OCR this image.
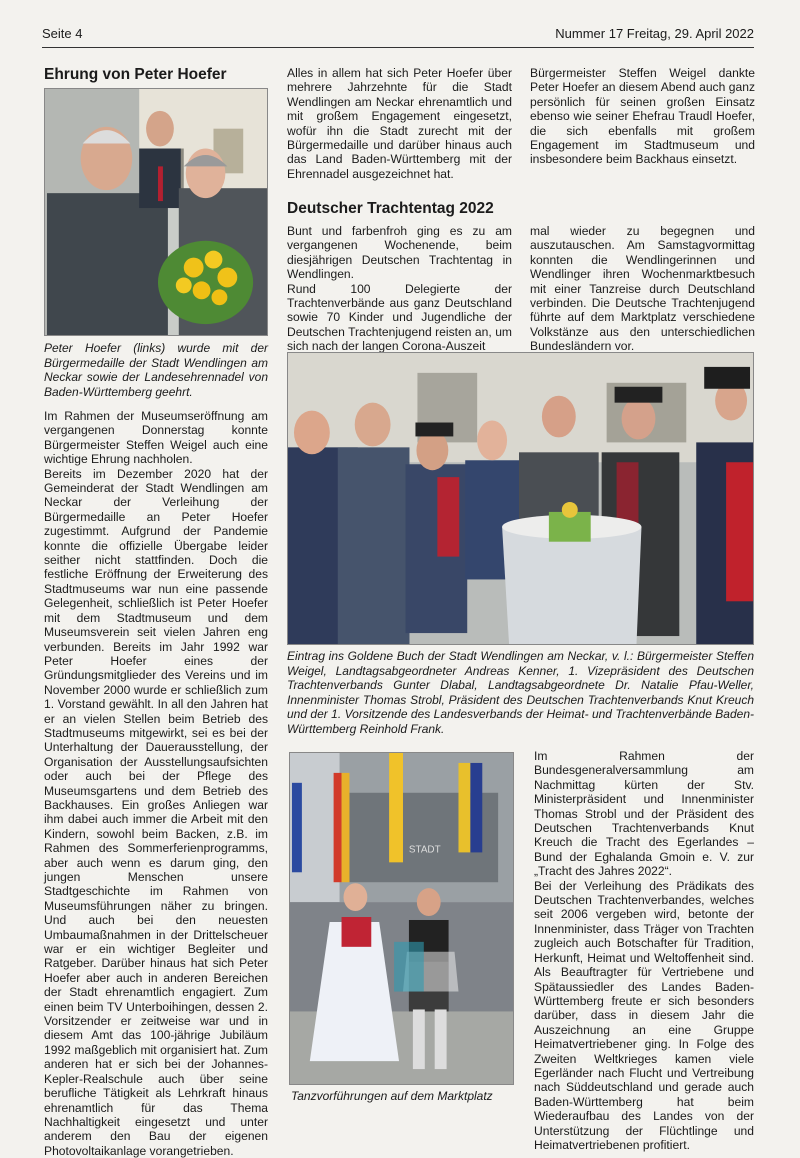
Seite 4	Nummer 17 Freitag, 29. April 2022
Ehrung von Peter Hoefer
Peter Hoefer (links) wurde mit der Bürgermedaille der Stadt Wendlingen am Neckar sowie der Landesehrennadel von Baden-Württemberg geehrt.

Im Rahmen der Museumseröffnung am vergangenen Donnerstag konnte Bürgermeister Steffen Weigel auch eine wichtige Ehrung nachholen.

Bereits im Dezember 2020 hat der Gemeinderat der Stadt Wendlingen am Neckar der Verleihung der Bürgermedaille an Peter Hoefer zugestimmt. Aufgrund der Pandemie konnte die offizielle Übergabe leider seither nicht stattfinden. Doch die festliche Eröffnung der Erweiterung des Stadtmuseums war nun eine passende Gelegenheit, schließlich ist Peter Hoefer mit dem Stadtmuseum und dem Museumsverein seit vielen Jahren eng verbunden. Bereits im Jahr 1992 war Peter Hoefer eines der Gründungsmitglieder des Vereins und im November 2000 wurde er schließlich zum 1. Vorstand gewählt. In all den Jahren hat er an vielen Stellen beim Betrieb des Stadtmuseums mitgewirkt, sei es bei der Unterhaltung der Dauerausstellung, der Organisation der Ausstellungsaufsichten oder auch bei der Pflege des Museumsgartens und dem Betrieb des Backhauses. Ein großes Anliegen war ihm dabei auch immer die Arbeit mit den Kindern, sowohl beim Backen, z.B. im Rahmen des Sommerferienprogramms, aber auch wenn es darum ging, den jungen Menschen unsere Stadtgeschichte im Rahmen von Museumsführungen näher zu bringen. Und auch bei den neuesten Umbaumaßnahmen in der Drittelscheuer war er ein wichtiger Begleiter und Ratgeber. Darüber hinaus hat sich Peter Hoefer aber auch in anderen Bereichen der Stadt ehrenamtlich engagiert. Zum einen beim TV Unterboihingen, dessen 2. Vorsitzender er zeitweise war und in diesem Amt das 100-jährige Jubiläum 1992 maßgeblich mit organisiert hat. Zum anderen hat er sich bei der Johannes-Kepler-Realschule auch über seine berufliche Tätigkeit als Lehrkraft hinaus ehrenamtlich für das Thema Nachhaltigkeit eingesetzt und unter anderem den Bau der eigenen Photovoltaikanlage vorangetrieben.

Alles in allem hat sich Peter Hoefer über mehrere Jahrzehnte für die Stadt Wendlingen am Neckar ehrenamtlich und mit großem Engagement eingesetzt, wofür ihn die Stadt zurecht mit der Bürgermedaille und darüber hinaus auch das Land Baden-Württemberg mit der Ehrennadel ausgezeichnet hat.

Bürgermeister Steffen Weigel dankte Peter Hoefer an diesem Abend auch ganz persönlich für seinen großen Einsatz ebenso wie seiner Ehefrau Traudl Hoefer, die sich ebenfalls mit großem Engagement im Stadtmuseum und insbesondere beim Backhaus einsetzt.

Deutscher Trachtentag 2022

Bunt und farbenfroh ging es zu am vergangenen Wochenende, beim diesjährigen Deutschen Trachtentag in Wendlingen.

Rund 100 Delegierte der Trachtenverbände aus ganz Deutschland sowie 70 Kinder und Jugendliche der Deutschen Trachtenjugend reisten an, um sich nach der langen Corona-Auszeit

mal wieder zu begegnen und auszutauschen. Am Samstagvormittag konnten die Wendlingerinnen und Wendlinger ihren Wochenmarktbesuch mit einer Tanzreise durch Deutschland verbinden. Die Deutsche Trachtenjugend führte auf dem Marktplatz verschiedene Volkstänze aus den unterschiedlichen Bundesländern vor.

Eintrag ins Goldene Buch der Stadt Wendlingen am Neckar, v. l.: Bürgermeister Steffen Weigel, Landtagsabgeordneter Andreas Kenner, 1. Vizepräsident des Deutschen Trachtenverbands Gunter Dlabal, Landtagsabgeordnete Dr. Natalie Pfau-Weller, Innenminister Thomas Strobl, Präsident des Deutschen Trachtenverbands Knut Kreuch und der 1. Vorsitzende des Landesverbands der Heimat- und Trachtenverbände Baden-Württemberg Reinhold Frank.
STADT
Tanzvorführungen auf dem Marktplatz

Im Rahmen der Bundesgeneralversammlung am Nachmittag kürten der Stv. Ministerpräsident und Innenminister Thomas Strobl und der Präsident des Deutschen Trachtenverbands Knut Kreuch die Tracht des Egerlandes – Bund der Eghalanda Gmoin e. V. zur „Tracht des Jahres 2022“.

Bei der Verleihung des Prädikats des Deutschen Trachtenverbandes, welches seit 2006 vergeben wird, betonte der Innenminister, dass Träger von Trachten zugleich auch Botschafter für Tradition, Herkunft, Heimat und Weltoffenheit sind. Als Beauftragter für Vertriebene und Spätaussiedler des Landes Baden-Württemberg freute er sich besonders darüber, dass in diesem Jahr die Auszeichnung an eine Gruppe Heimatvertriebener ging. In Folge des Zweiten Weltkrieges kamen viele Egerländer nach Flucht und Vertreibung nach Süddeutschland und gerade auch Baden-Württemberg hat beim Wiederaufbau des Landes von der Unterstützung der Flüchtlinge und Heimatvertriebenen profitiert.
